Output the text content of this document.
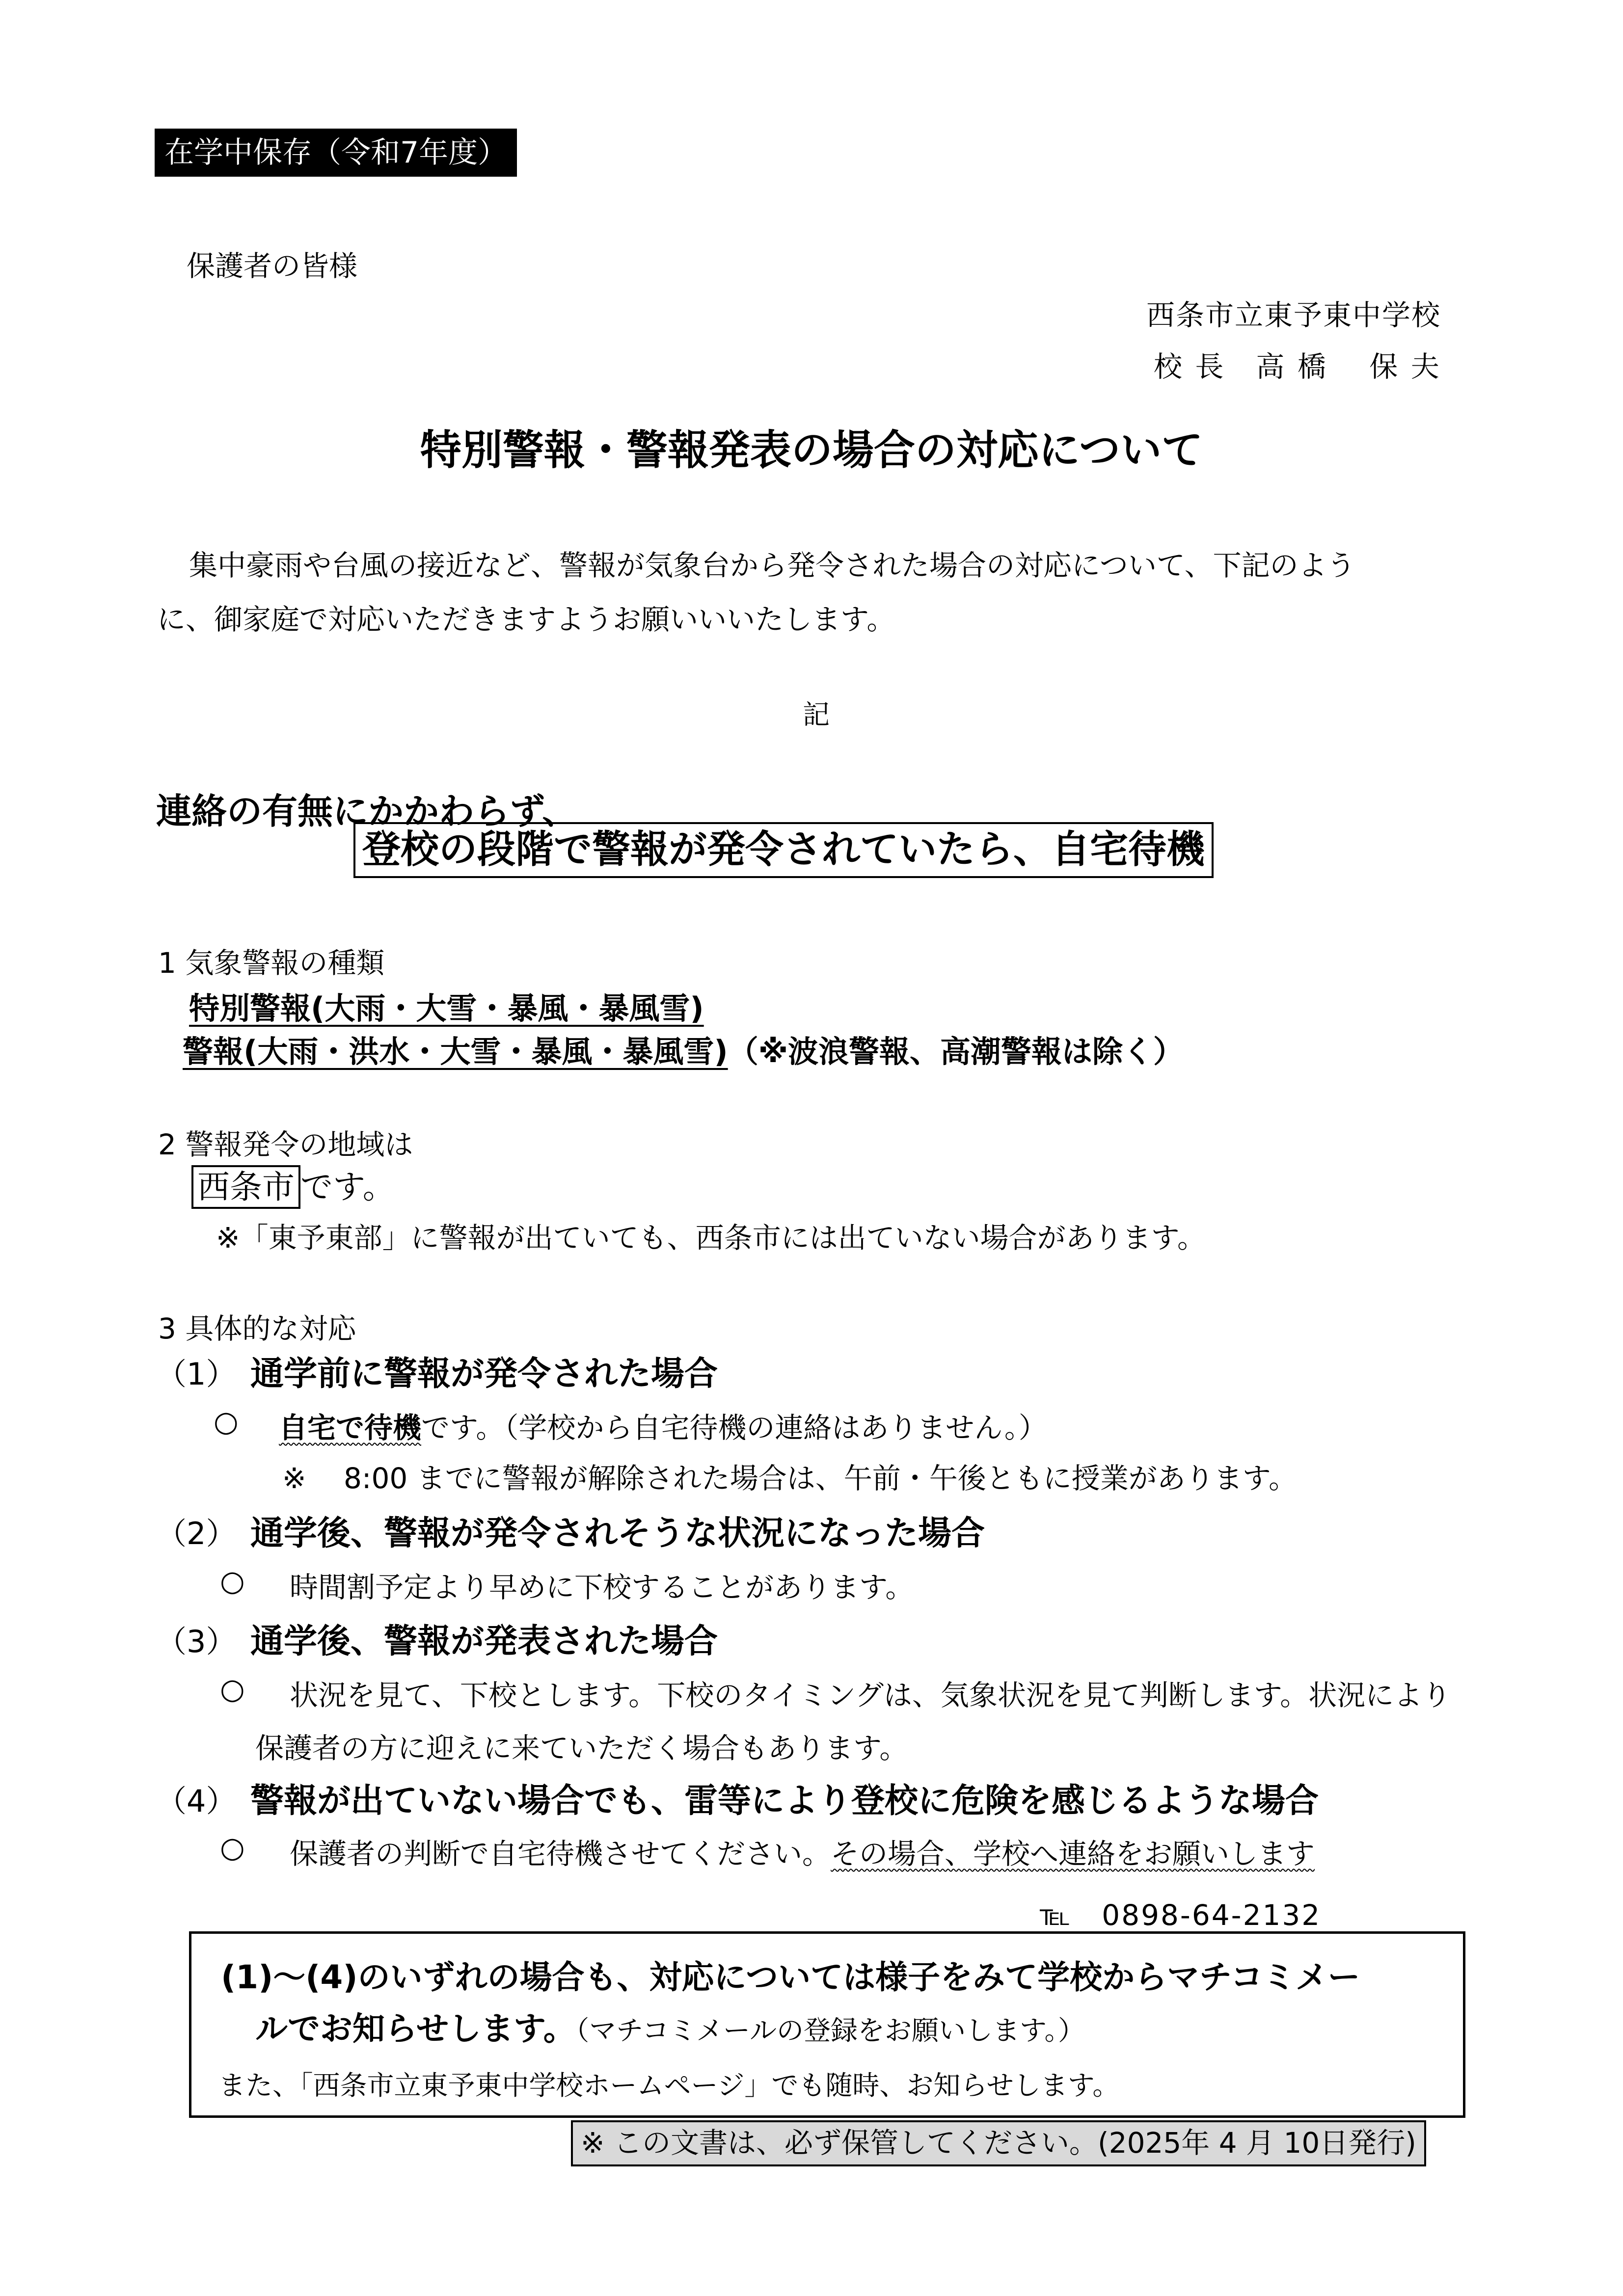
在学中保存（令和7年度）
保護者の皆様
西条市立東予東中学校
校 長　高 橋　 保 夫
特別警報・警報発表の場合の対応について
集中豪雨や台風の接近など、警報が気象台から発令された場合の対応について、下記のよう
に、御家庭で対応いただきますようお願いいいたします。
記
連絡の有無にかかわらず、
登校の段階で警報が発令されていたら、自宅待機
1 気象警報の種類
特別警報(大雨・大雪・暴風・暴風雪)
警報(大雨・洪水・大雪・暴風・暴風雪)（※波浪警報、高潮警報は除く）
2 警報発令の地域は
西条市 です。
※「東予東部」に警報が出ていても、西条市には出ていない場合があります。
3 具体的な対応
（1） 通学前に警報が発令された場合
○ 自宅で待機です。（学校から自宅待機の連絡はありません。）
※　 8:00 までに警報が解除された場合は、午前・午後ともに授業があります。
（2） 通学後、警報が発令されそうな状況になった場合
○ 時間割予定より早めに下校することがあります。
（3） 通学後、警報が発表された場合
○ 状況を見て、下校とします。下校のタイミングは、気象状況を見て判断します。状況により
保護者の方に迎えに来ていただく場合もあります。
（4） 警報が出ていない場合でも、雷等により登校に危険を感じるような場合
○ 保護者の判断で自宅待機させてください。その場合、学校へ連絡をお願いします
℡　0898-64-2132
(1)～(4)のいずれの場合も、対応については様子をみて学校からマチコミメー
ルでお知らせします。（マチコミメールの登録をお願いします。）
また、「西条市立東予東中学校ホームページ」でも随時、お知らせします。
※ この文書は、必ず保管してください。(2025年 4 月 10日発行)
